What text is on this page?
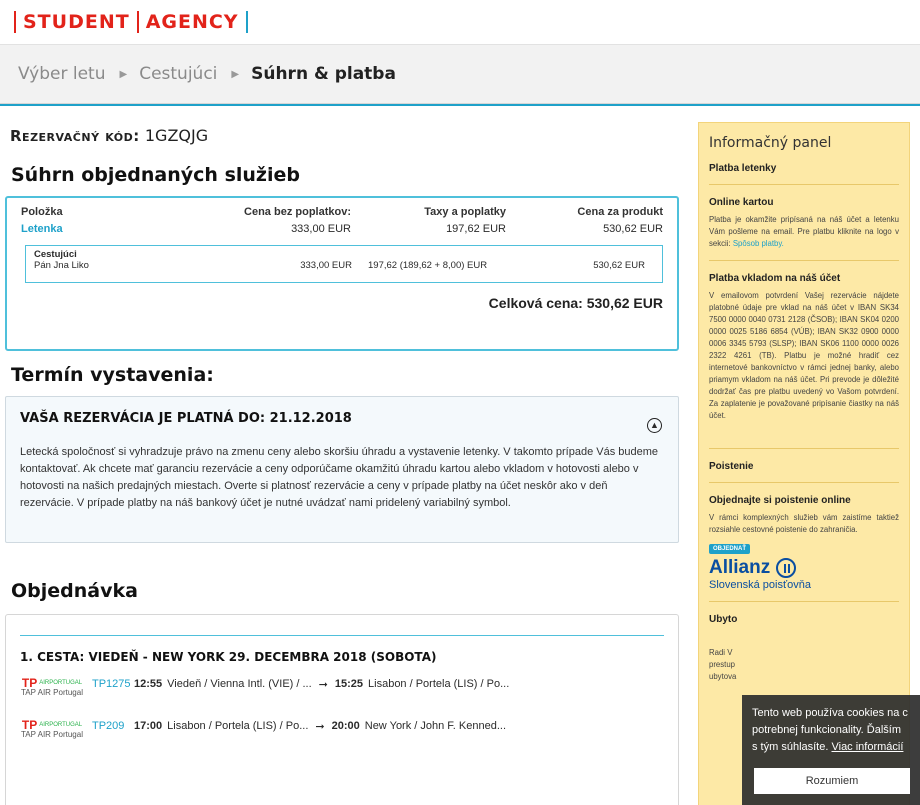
STUDENT AGENCY
Výber letu ▶ Cestujúci ▶ Súhrn & platba
Rezervačný kód: 1GZQJG
Súhrn objednaných služieb
Položka	Cena bez poplatkov:	Taxy a poplatky	Cena za produkt
Letenka	333,00 EUR	197,62 EUR	530,62 EUR
Cestujúci
Pán Jna Liko	333,00 EUR	197,62 (189,62 + 8,00) EUR	530,62 EUR
Celková cena: 530,62 EUR
Termín vystavenia:
VAŠA REZERVÁCIA JE PLATNÁ DO: 21.12.2018	▲
Letecká spoločnosť si vyhradzuje právo na zmenu ceny alebo skoršiu úhradu a vystavenie letenky. V takomto prípade Vás budeme kontaktovať. Ak chcete mať garanciu rezervácie a ceny odporúčame okamžitú úhradu kartou alebo vkladom v hotovosti alebo v hotovosti na našich predajných miestach. Overte si platnosť rezervácie a ceny v prípade platby na účet neskôr ako v deň rezervácie. V prípade platby na náš bankový účet je nutné uvádzať nami pridelený variabilný symbol.
Objednávka
1. CESTA: VIEDEŇ - NEW YORK 29. DECEMBRA 2018 (SOBOTA)
TP AIRPORTUGAL
TAP AIR Portugal
TP1275 12:55 Viedeň / Vienna Intl. (VIE) / ... ➞ 15:25 Lisabon / Portela (LIS) / Po...
TP AIRPORTUGAL
TAP AIR Portugal
TP209 17:00 Lisabon / Portela (LIS) / Po... ➞ 20:00 New York / John F. Kenned...
Informačný panel
Platba letenky
Online kartou

Platba je okamžite pripísaná na náš účet a letenku Vám pošleme na email. Pre platbu kliknite na logo v sekcii: Spôsob platby.

Platba vkladom na náš účet

V emailovom potvrdení Vašej rezervácie nájdete platobné údaje pre vklad na náš účet v IBAN SK34 7500 0000 0040 0731 2128 (ČSOB); IBAN SK04 0200 0000 0025 5186 6854 (VÚB); IBAN SK32 0900 0000 0006 3345 5793 (SLSP); IBAN SK06 1100 0000 0026 2322 4261 (TB). Platbu je možné hradiť cez internetové bankovníctvo v rámci jednej banky, alebo priamym vkladom na náš účet. Pri prevode je dôležité dodržať čas pre platbu uvedený vo Vašom potvrdení. Za zaplatenie je považované pripísanie čiastky na náš účet.

Poistenie
Objednajte si poistenie online

V rámci komplexných služieb vám zaistíme taktiež rozsiahle cestovné poistenie do zahraničia.

OBJEDNAŤ
Allianz
Slovenská poisťovňa
Ubyto

Radi V
prestup
ubytova

Tento web používa cookies na c
potrebnej funkcionality. Ďalším
s tým súhlasíte. Viac informácií
Rozumiem
